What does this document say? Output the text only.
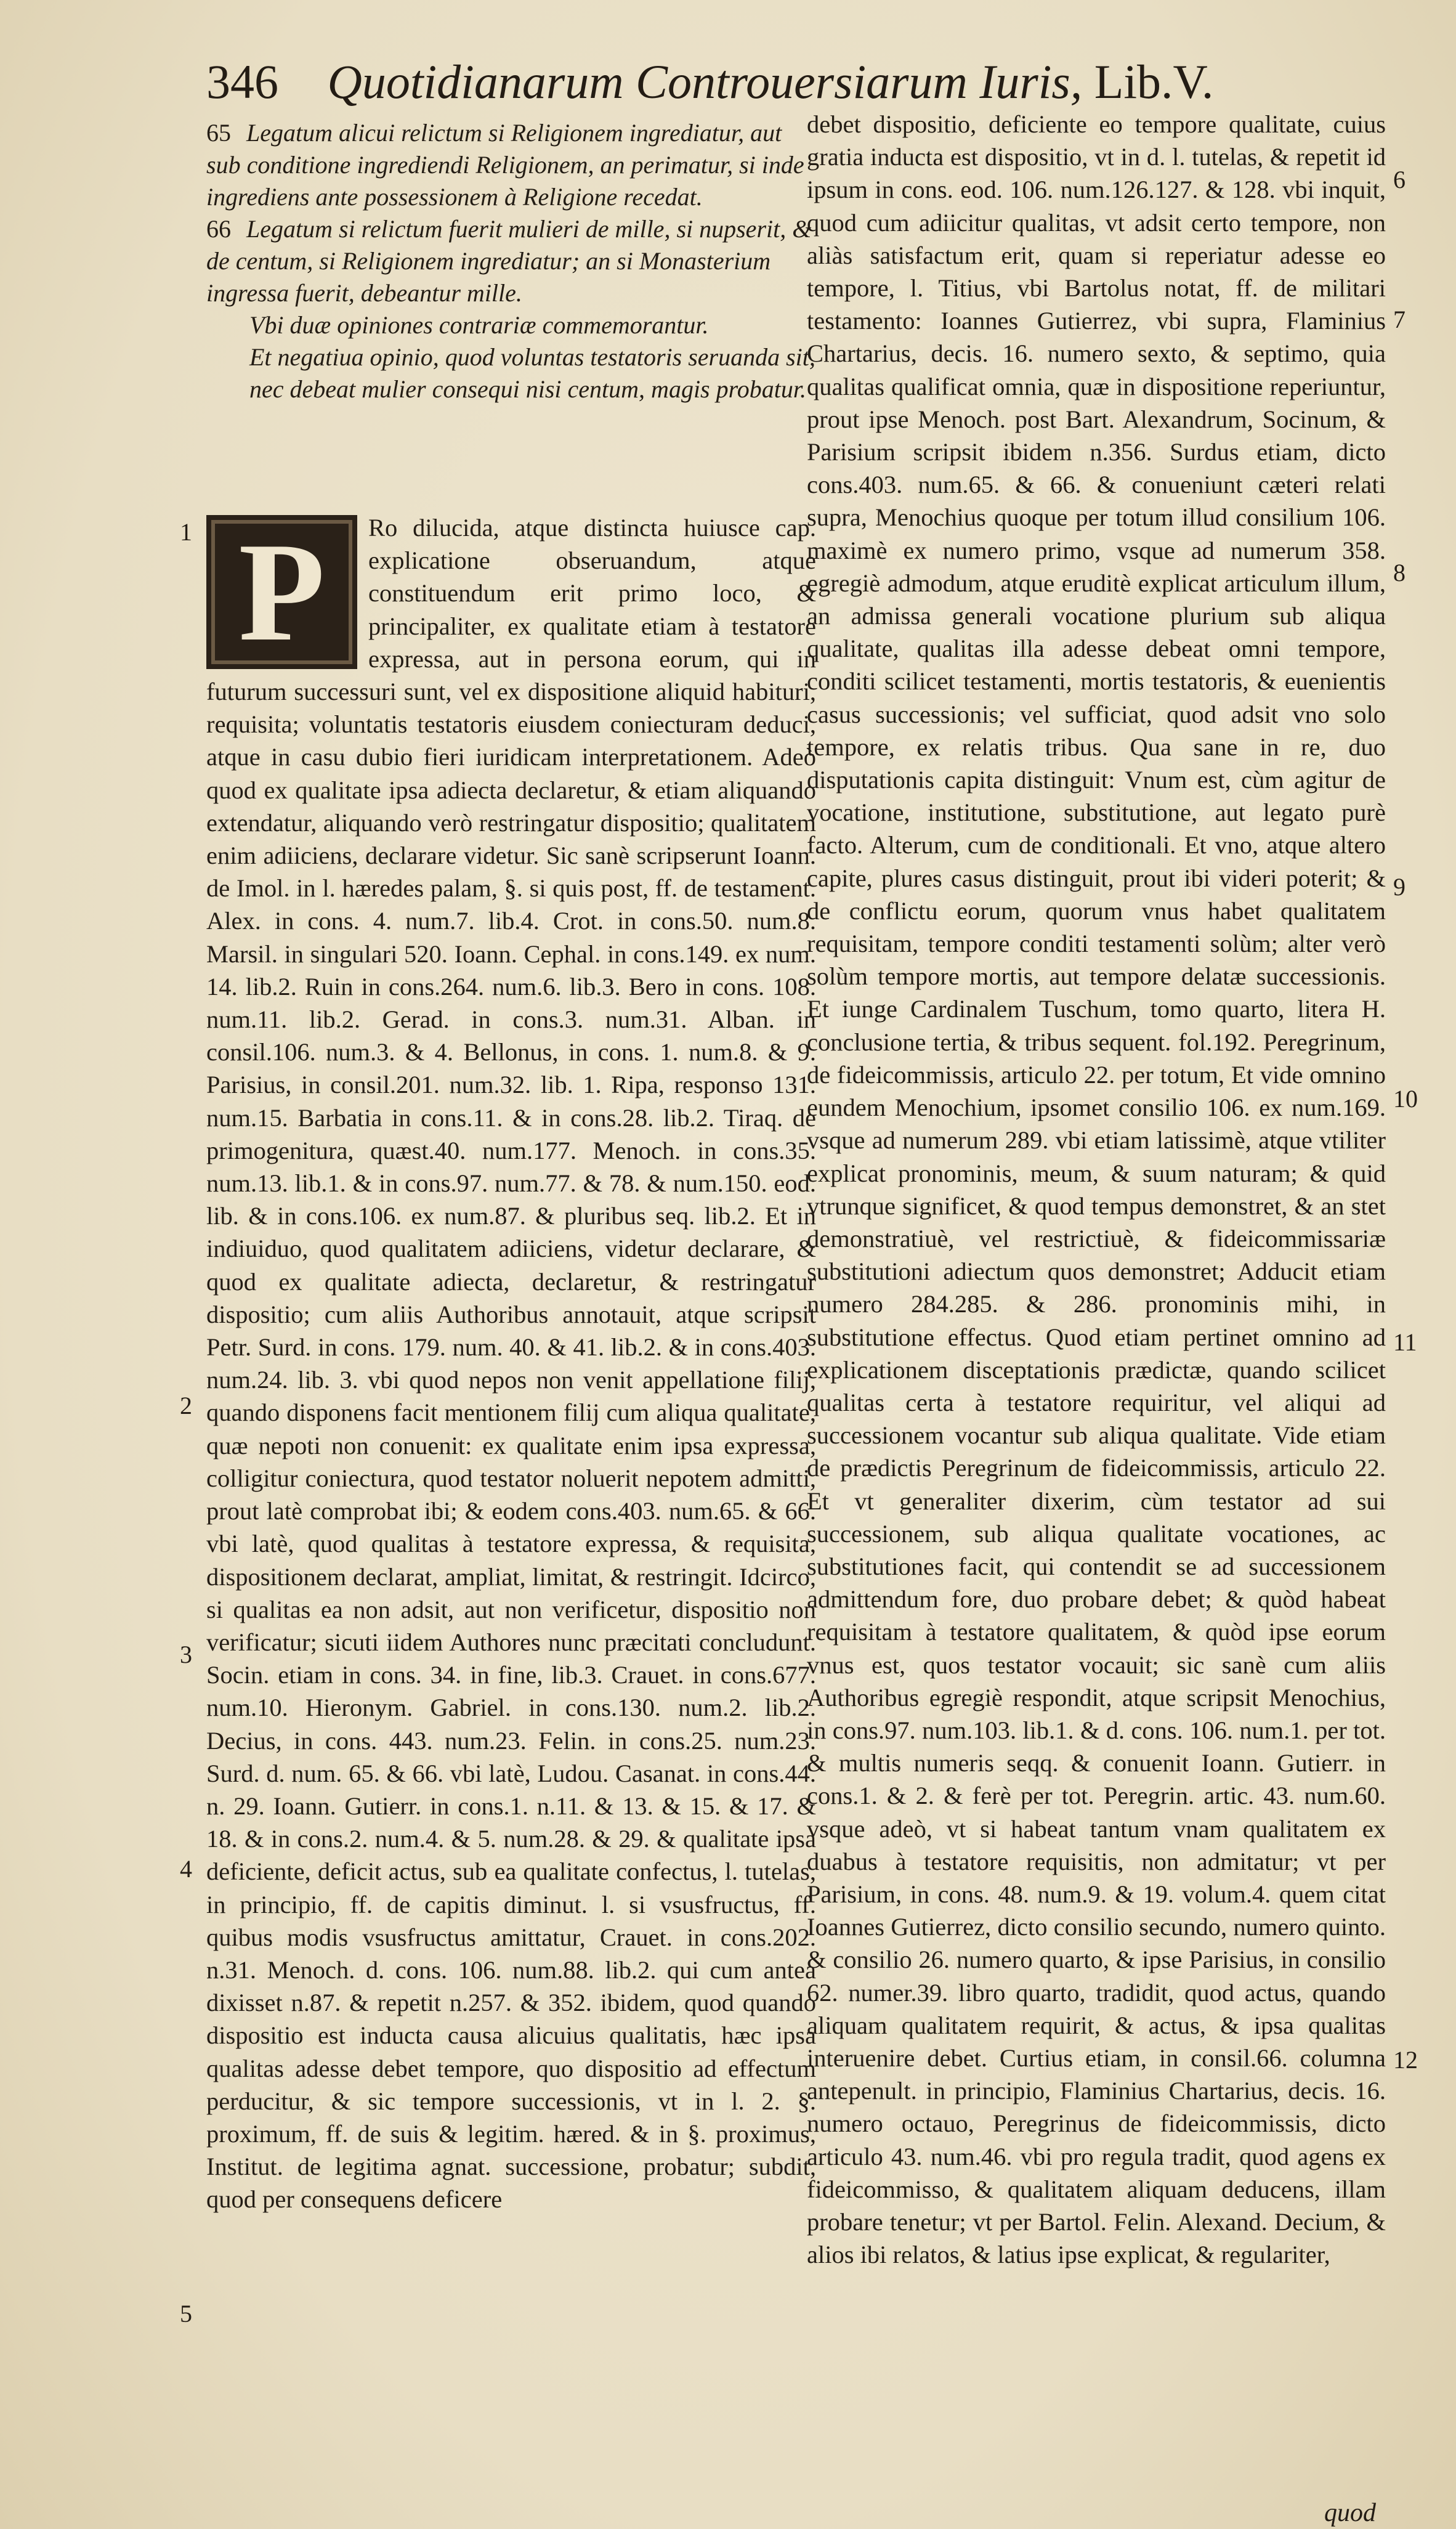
346 Quotidianarum Controuersiarum Iuris, Lib.V.

65 Legatum alicui relictum si Religionem ingrediatur, aut sub conditione ingrediendi Religionem, an perimatur, si inde ingrediens ante possessionem à Religione recedat.

66 Legatum si relictum fuerit mulieri de mille, si nupserit, & de centum, si Religionem ingrediatur; an si Monasterium ingressa fuerit, debeantur mille.

Vbi duæ opiniones contrariæ commemorantur.

Et negatiua opinio, quod voluntas testatoris seruanda sit, nec debeat mulier consequi nisi centum, magis probatur.

P	Ro dilucida, atque distincta huiusce cap. explicatione obseruandum, atque constituendum erit primo loco, & principaliter, ex qualitate etiam à testatore expressa, aut in persona eorum, qui in futurum successuri sunt, vel ex dispositione aliquid habituri, requisita; voluntatis testatoris eiusdem coniecturam deduci, atque in casu dubio fieri iuridicam interpretationem. Adeò quod ex qualitate ipsa adiecta declaretur, & etiam aliquando extendatur, aliquando verò restringatur dispositio; qualitatem enim adiiciens, declarare videtur. Sic sanè scripserunt Ioann. de Imol. in l. hæredes palam, §. si quis post, ff. de testament. Alex. in cons. 4. num.7. lib.4. Crot. in cons.50. num.8. Marsil. in singulari 520. Ioann. Cephal. in cons.149. ex num. 14. lib.2. Ruin in cons.264. num.6. lib.3. Bero in cons. 108. num.11. lib.2. Gerad. in cons.3. num.31. Alban. in consil.106. num.3. & 4. Bellonus, in cons. 1. num.8. & 9. Parisius, in consil.201. num.32. lib. 1. Ripa, responso 131. num.15. Barbatia in cons.11. & in cons.28. lib.2. Tiraq. de primogenitura, quæst.40. num.177. Menoch. in cons.35. num.13. lib.1. & in cons.97. num.77. & 78. & num.150. eod. lib. & in cons.106. ex num.87. & pluribus seq. lib.2. Et in indiuiduo, quod qualitatem adiiciens, videtur declarare, & quod ex qualitate adiecta, declaretur, & restringatur dispositio; cum aliis Authoribus annotauit, atque scripsit Petr. Surd. in cons. 179. num. 40. & 41. lib.2. & in cons.403. num.24. lib. 3. vbi quod nepos non venit appellatione filij, quando disponens facit mentionem filij cum aliqua qualitate, quæ nepoti non conuenit: ex qualitate enim ipsa expressa, colligitur coniectura, quod testator noluerit nepotem admitti, prout latè comprobat ibi; & eodem cons.403. num.65. & 66. vbi latè, quod qualitas à testatore expressa, & requisita, dispositionem declarat, ampliat, limitat, & restringit. Idcirco, si qualitas ea non adsit, aut non verificetur, dispositio non verificatur; sicuti iidem Authores nunc præcitati concludunt. Socin. etiam in cons. 34. in fine, lib.3. Crauet. in cons.677. num.10. Hieronym. Gabriel. in cons.130. num.2. lib.2. Decius, in cons. 443. num.23. Felin. in cons.25. num.23. Surd. d. num. 65. & 66. vbi latè, Ludou. Casanat. in cons.44. n. 29. Ioann. Gutierr. in cons.1. n.11. & 13. & 15. & 17. & 18. & in cons.2. num.4. & 5. num.28. & 29. & qualitate ipsa deficiente, deficit actus, sub ea qualitate confectus, l. tutelas, in principio, ff. de capitis diminut. l. si vsusfructus, ff. quibus modis vsusfructus amittatur, Crauet. in cons.202. n.31. Menoch. d. cons. 106. num.88. lib.2. qui cum antea dixisset n.87. & repetit n.257. & 352. ibidem, quod quando dispositio est inducta causa alicuius qualitatis, hæc ipsa qualitas adesse debet tempore, quo dispositio ad effectum perducitur, & sic tempore successionis, vt in l. 2. §. proximum, ff. de suis & legitim. hæred. & in §. proximus, Institut. de legitima agnat. successione, probatur; subdit, quod per consequens deficere

debet dispositio, deficiente eo tempore qualitate, cuius gratia inducta est dispositio, vt in d. l. tutelas, & repetit id ipsum in cons. eod. 106. num.126.127. & 128. vbi inquit, quod cum adiicitur qualitas, vt adsit certo tempore, non aliàs satisfactum erit, quam si reperiatur adesse eo tempore, l. Titius, vbi Bartolus notat, ff. de militari testamento: Ioannes Gutierrez, vbi supra, Flaminius Chartarius, decis. 16. numero sexto, & septimo, quia qualitas qualificat omnia, quæ in dispositione reperiuntur, prout ipse Menoch. post Bart. Alexandrum, Socinum, & Parisium scripsit ibidem n.356. Surdus etiam, dicto cons.403. num.65. & 66. & conueniunt cæteri relati supra, Menochius quoque per totum illud consilium 106. maximè ex numero primo, vsque ad numerum 358. egregiè admodum, atque eruditè explicat articulum illum, an admissa generali vocatione plurium sub aliqua qualitate, qualitas illa adesse debeat omni tempore, conditi scilicet testamenti, mortis testatoris, & euenientis casus successionis; vel sufficiat, quod adsit vno solo tempore, ex relatis tribus. Qua sane in re, duo disputationis capita distinguit: Vnum est, cùm agitur de vocatione, institutione, substitutione, aut legato purè facto. Alterum, cum de conditionali. Et vno, atque altero capite, plures casus distinguit, prout ibi videri poterit; & de conflictu eorum, quorum vnus habet qualitatem requisitam, tempore conditi testamenti solùm; alter verò solùm tempore mortis, aut tempore delatæ successionis. Et iunge Cardinalem Tuschum, tomo quarto, litera H. conclusione tertia, & tribus sequent. fol.192. Peregrinum, de fideicommissis, articulo 22. per totum, Et vide omnino eundem Menochium, ipsomet consilio 106. ex num.169. vsque ad numerum 289. vbi etiam latissimè, atque vtiliter explicat pronominis, meum, & suum naturam; & quid vtrunque significet, & quod tempus demonstret, & an stet demonstratiuè, vel restrictiuè, & fideicommissariæ substitutioni adiectum quos demonstret; Adducit etiam numero 284.285. & 286. pronominis mihi, in substitutione effectus. Quod etiam pertinet omnino ad explicationem disceptationis prædictæ, quando scilicet qualitas certa à testatore requiritur, vel aliqui ad successionem vocantur sub aliqua qualitate. Vide etiam de prædictis Peregrinum de fideicommissis, articulo 22. Et vt generaliter dixerim, cùm testator ad sui successionem, sub aliqua qualitate vocationes, ac substitutiones facit, qui contendit se ad successionem admittendum fore, duo probare debet; & quòd habeat requisitam à testatore qualitatem, & quòd ipse eorum vnus est, quos testator vocauit; sic sanè cum aliis Authoribus egregiè respondit, atque scripsit Menochius, in cons.97. num.103. lib.1. & d. cons. 106. num.1. per tot. & multis numeris seqq. & conuenit Ioann. Gutierr. in cons.1. & 2. & ferè per tot. Peregrin. artic. 43. num.60. vsque adeò, vt si habeat tantum vnam qualitatem ex duabus à testatore requisitis, non admitatur; vt per Parisium, in cons. 48. num.9. & 19. volum.4. quem citat Ioannes Gutierrez, dicto consilio secundo, numero quinto. & consilio 26. numero quarto, & ipse Parisius, in consilio 62. numer.39. libro quarto, tradidit, quod actus, quando aliquam qualitatem requirit, & actus, & ipsa qualitas interuenire debet. Curtius etiam, in consil.66. columna antepenult. in principio, Flaminius Chartarius, decis. 16. numero octauo, Peregrinus de fideicommissis, dicto articulo 43. num.46. vbi pro regula tradit, quod agens ex fideicommisso, & qualitatem aliquam deducens, illam probare tenetur; vt per Bartol. Felin. Alexand. Decium, & alios ibi relatos, & latius ipse explicat, & regulariter,

1
2
3
4
5
6
7
8
9
10
11
12
quod
